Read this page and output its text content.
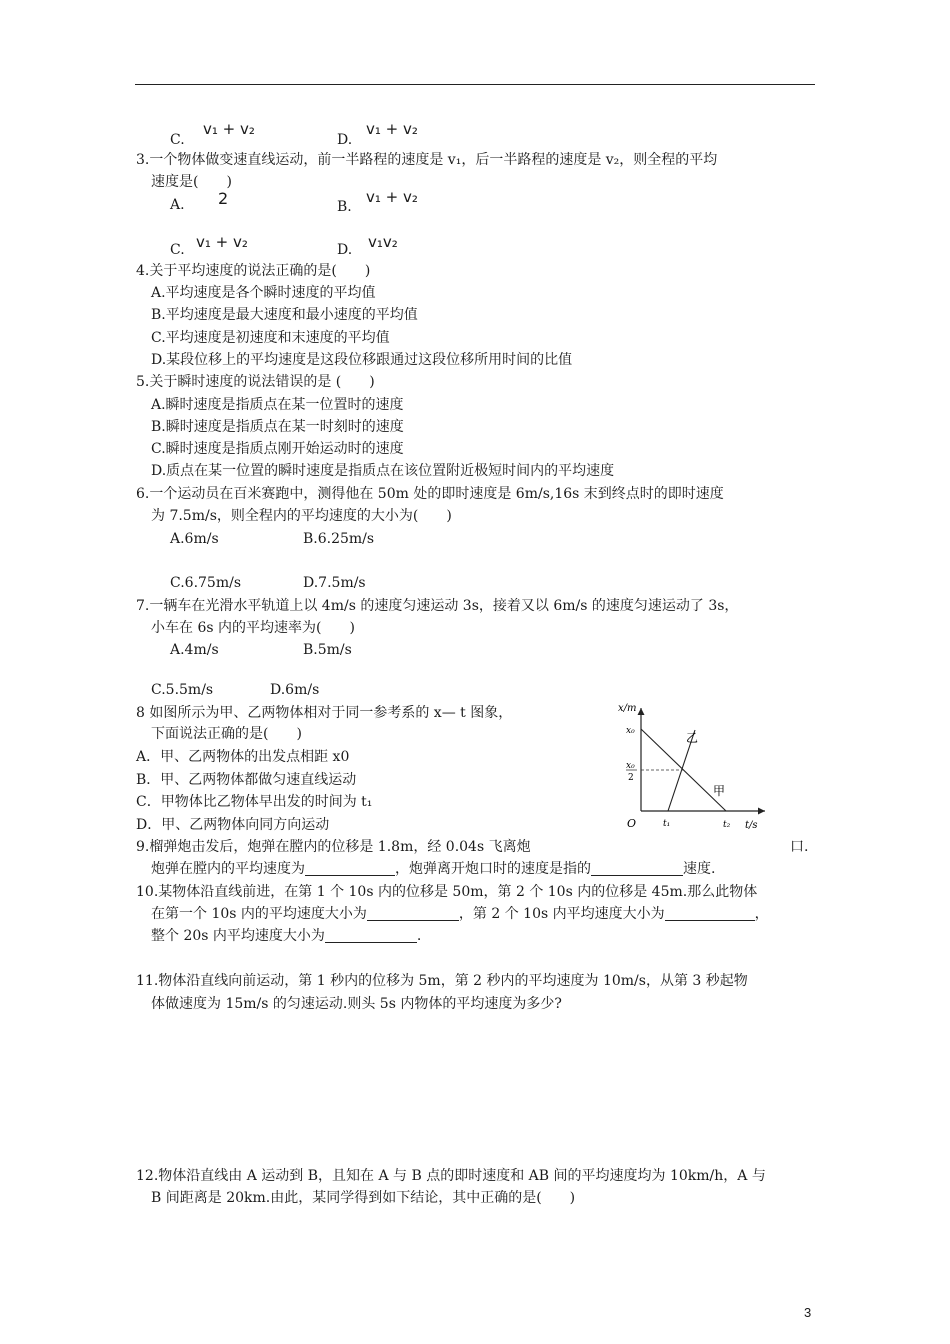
C.
v₁ + v₂
D.
v₁ + v₂
3.一个物体做变速直线运动，前一半路程的速度是 v₁，后一半路程的速度是 v₂，则全程的平均
速度是(　　)
A. 2	B.
v₁ + v₂
C. v₁ + v₂	D. v₁v₂
4.关于平均速度的说法正确的是(　　)
A.平均速度是各个瞬时速度的平均值
B.平均速度是最大速度和最小速度的平均值
C.平均速度是初速度和末速度的平均值
D.某段位移上的平均速度是这段位移跟通过这段位移所用时间的比值
5.关于瞬时速度的说法错误的是 (　　)
A.瞬时速度是指质点在某一位置时的速度
B.瞬时速度是指质点在某一时刻时的速度
C.瞬时速度是指质点刚开始运动时的速度
D.质点在某一位置的瞬时速度是指质点在该位置附近极短时间内的平均速度
6.一个运动员在百米赛跑中，测得他在 50m 处的即时速度是 6m/s,16s 末到终点时的即时速度
为 7.5m/s，则全程内的平均速度的大小为(　　)
A.6m/s	B.6.25m/s
C.6.75m/s	D.7.5m/s
7.一辆车在光滑水平轨道上以 4m/s 的速度匀速运动 3s，接着又以 6m/s 的速度匀速运动了 3s，
小车在 6s 内的平均速率为(　　)
A.4m/s	B.5m/s
C.5.5m/s	D.6m/s
8 如图所示为甲、乙两物体相对于同一参考系的 x— t 图象，
下面说法正确的是(　　)
A．甲、乙两物体的出发点相距 x0
B．甲、乙两物体都做匀速直线运动
C．甲物体比乙物体早出发的时间为 t₁
D．甲、乙两物体向同方向运动
x/m
t/s
O
x₀
x₀
2
t₁	t₂
乙
甲
9.榴弹炮击发后，炮弹在膛内的位移是 1.8m，经 0.04s 飞离炮	口.
炮弹在膛内的平均速度为	，炮弹离开炮口时的速度是指的	速度.
10.某物体沿直线前进，在第 1 个 10s 内的位移是 50m，第 2 个 10s 内的位移是 45m.那么此物体
在第一个 10s 内的平均速度大小为	，第 2 个 10s 内平均速度大小为	，
整个 20s 内平均速度大小为	.
11.物体沿直线向前运动，第 1 秒内的位移为 5m，第 2 秒内的平均速度为 10m/s，从第 3 秒起物
体做速度为 15m/s 的匀速运动.则头 5s 内物体的平均速度为多少?
12.物体沿直线由 A 运动到 B，且知在 A 与 B 点的即时速度和 AB 间的平均速度均为 10km/h，A 与
B 间距离是 20km.由此，某同学得到如下结论，其中正确的是(　　)
3
